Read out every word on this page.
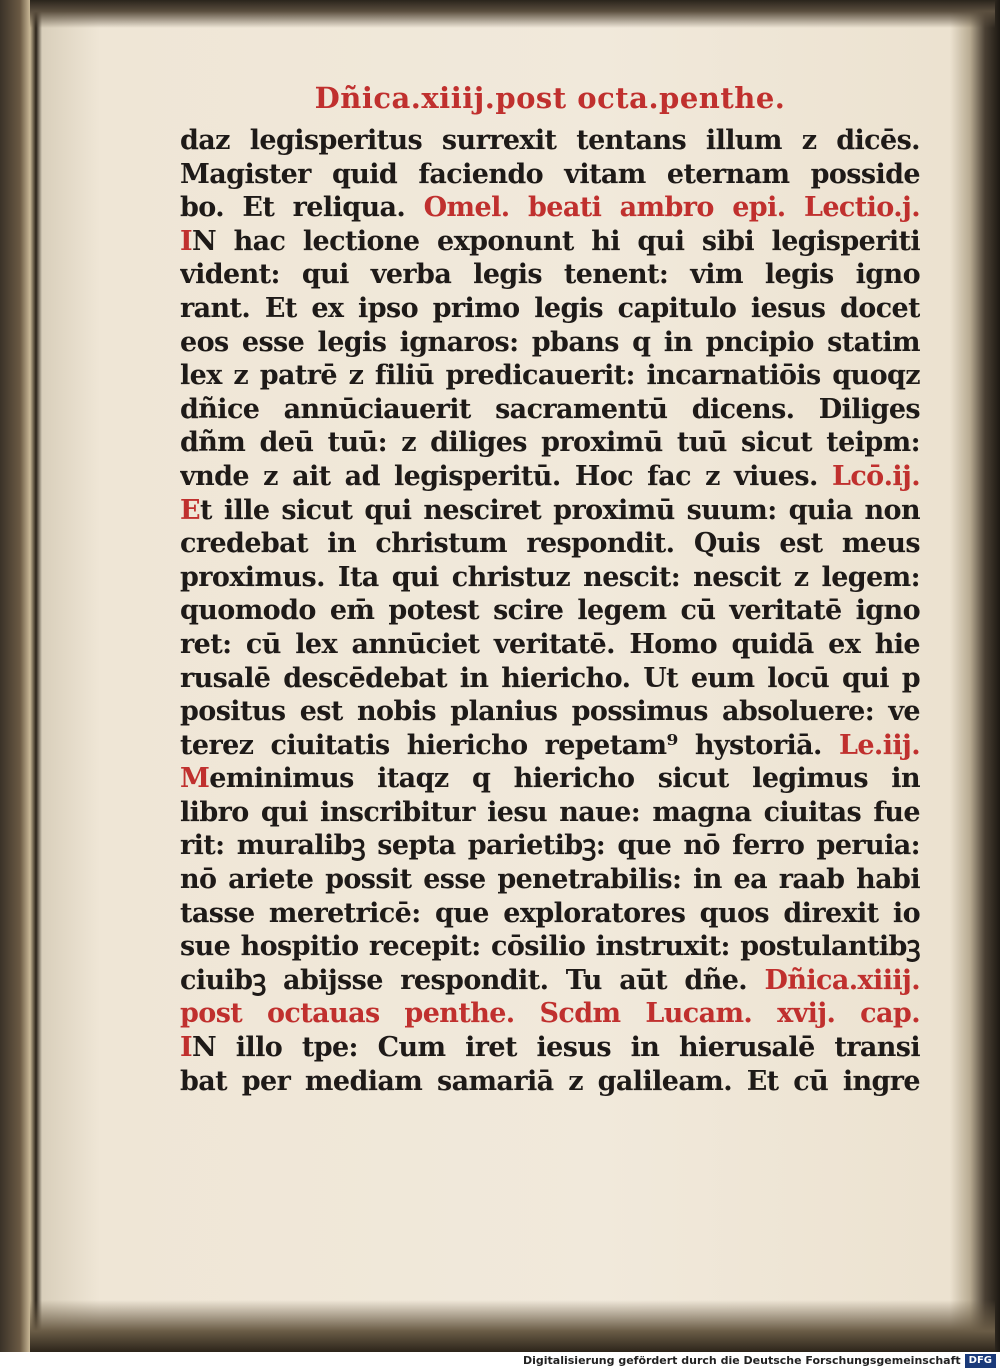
Dñica.xiiij.post octa.penthe.
daz legisperitus surrexit tentans illum z dicēs.
Magister quid faciendo vitam eternam posside
bo. Et reliqua. Omel. beati ambro epi. Lectio.j.
IN hac lectione exponunt hi qui sibi legisperiti
vident: qui verba legis tenent: vim legis igno
rant. Et ex ipso primo legis capitulo iesus docet
eos esse legis ignaros: pbans q in pncipio statim
lex z patrē z filiū predicauerit: incarnatiōis quoqz
dñice annūciauerit sacramentū dicens. Diliges
dñm deū tuū: z diliges proximū tuū sicut teipm:
vnde z ait ad legisperitū. Hoc fac z viues. Lcō.ij.
Et ille sicut qui nesciret proximū suum: quia non
credebat in christum respondit. Quis est meus
proximus. Ita qui christuz nescit: nescit z legem:
quomodo em̄ potest scire legem cū veritatē igno
ret: cū lex annūciet veritatē. Homo quidā ex hie
rusalē descēdebat in hiericho. Ut eum locū qui p
positus est nobis planius possimus absoluere: ve
terez ciuitatis hiericho repetam⁹ hystoriā. Le.iij.
Meminimus itaqz q hiericho sicut legimus in
libro qui inscribitur iesu naue: magna ciuitas fue
rit: muralibꝫ septa parietibꝫ: que nō ferro peruia:
nō ariete possit esse penetrabilis: in ea raab habi
tasse meretricē: que exploratores quos direxit io
sue hospitio recepit: cōsilio instruxit: postulantibꝫ
ciuibꝫ abijsse respondit. Tu aūt dñe. Dñica.xiiij.
post octauas penthe. Scdm Lucam. xvij. cap.
IN illo tpe: Cum iret iesus in hierusalē transi
bat per mediam samariā z galileam. Et cū ingre
Digitalisierung gefördert durch die Deutsche Forschungsgemeinschaft DFG
